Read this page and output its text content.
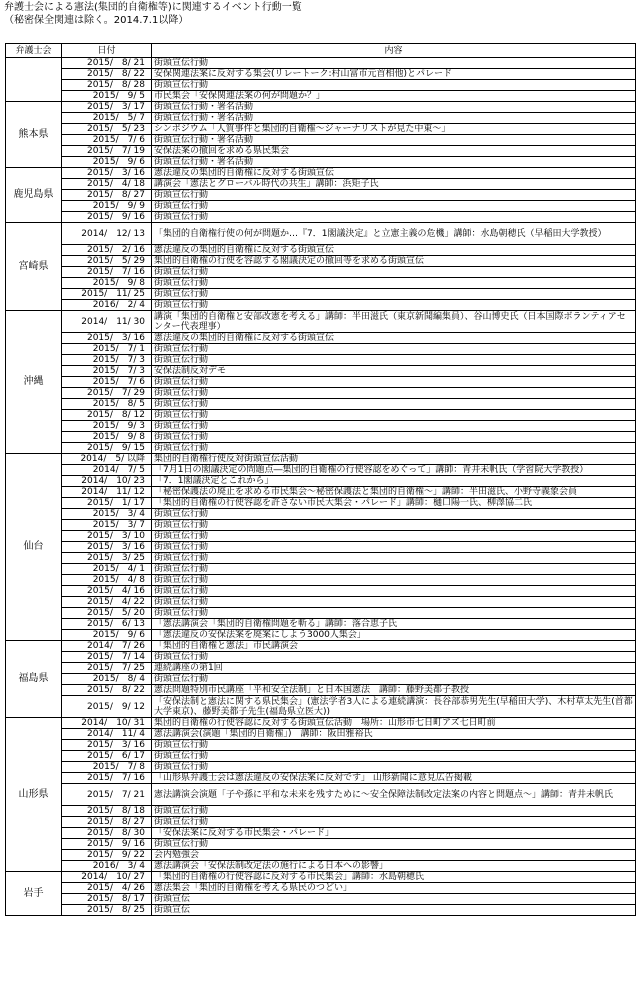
弁護士会による憲法(集団的自衛権等)に関連するイベント行動一覧
（秘密保全関連は除く。2014.7.1以降）
弁護士会	日付	内容
	2015/　8/ 21	街頭宣伝行動
	2015/　8/ 22	安保関連法案に反対する集会(リレートーク:村山富市元首相他)とパレード
	2015/　8/ 28	街頭宣伝行動
	2015/　9/ 5	市民集会「安保関連法案の何が問題か？」
熊本県	2015/　3/ 17	街頭宣伝行動・署名活動
	2015/　5/ 7	街頭宣伝行動・署名活動
	2015/　5/ 23	シンポジウム「人質事件と集団的自衛権～ジャーナリストが見た中東～」
	2015/　7/ 6	街頭宣伝行動・署名活動
	2015/　7/ 19	安保法案の撤回を求める県民集会
	2015/　9/ 6	街頭宣伝行動・署名活動
鹿児島県	2015/　3/ 16	憲法違反の集団的自衛権に反対する街頭宣伝
	2015/　4/ 18	講演会「憲法とグローバル時代の共生」講師：浜矩子氏
	2015/　8/ 27	街頭宣伝行動
	2015/　9/ 9	街頭宣伝行動
	2015/　9/ 16	街頭宣伝行動
宮崎県	2014/　12/ 13	「集団的自衛権行使の何が問題か…『7．1閣議決定』と立憲主義の危機」講師：水島朝穂氏（早稲田大学教授）
	2015/　2/ 16	憲法違反の集団的自衛権に反対する街頭宣伝
	2015/　5/ 29	集団的自衛権の行使を容認する閣議決定の撤回等を求める街頭宣伝
	2015/　7/ 16	街頭宣伝行動
	2015/　9/ 8	街頭宣伝行動
	2015/　11/ 25	街頭宣伝行動
	2016/　2/ 4	街頭宣伝行動
沖縄	2014/　11/ 30	講演「集団的自衛権と安部改憲を考える」講師：半田滋氏（東京新聞編集員）、谷山博史氏（日本国際ボランティアセンター代表理事）
	2015/　3/ 16	憲法違反の集団的自衛権に反対する街頭宣伝
	2015/　7/ 1	街頭宣伝行動
	2015/　7/ 3	街頭宣伝行動
	2015/　7/ 3	安保法制反対デモ
	2015/　7/ 6	街頭宣伝行動
	2015/　7/ 29	街頭宣伝行動
	2015/　8/ 5	街頭宣伝行動
	2015/　8/ 12	街頭宣伝行動
	2015/　9/ 3	街頭宣伝行動
	2015/　9/ 8	街頭宣伝行動
	2015/　9/ 15	街頭宣伝行動
仙台	2014/　5/ 以降	集団的自衛権行使反対街頭宣伝活動
	2014/　7/ 5	「7月1日の閣議決定の問題点―集団的自衛権の行使容認をめぐって」講師：青井未帆氏（学習院大学教授）
	2014/　10/ 23	「7．1閣議決定とこれから」
	2014/　11/ 12	「秘密保護法の廃止を求める市民集会～秘密保護法と集団的自衛権～」講師：半田滋氏、小野寺義象会員
	2015/　1/ 17	「集団的自衛権の行使容認を許さない市民大集会・パレード」講師：樋口陽一氏、柳澤協二氏
	2015/　3/ 4	街頭宣伝行動
	2015/　3/ 7	街頭宣伝行動
	2015/　3/ 10	街頭宣伝行動
	2015/　3/ 16	街頭宣伝行動
	2015/　3/ 25	街頭宣伝行動
	2015/　4/ 1	街頭宣伝行動
	2015/　4/ 8	街頭宣伝行動
	2015/　4/ 16	街頭宣伝行動
	2015/　4/ 22	街頭宣伝行動
	2015/　5/ 20	街頭宣伝行動
	2015/　6/ 13	「憲法講演会「集団的自衛権問題を斬る」講師：落合恵子氏
	2015/　9/ 6	「憲法違反の安保法案を廃案にしよう3000人集会」
福島県	2014/　7/ 26	「集団的自衛権と憲法」市民講演会
	2015/　7/ 14	街頭宣伝行動
	2015/　7/ 25	連続講座の第1回
	2015/　8/ 4	街頭宣伝行動
	2015/　8/ 22	憲法問題特別市民講座「平和安全法制」と日本国憲法　講師：藤野美都子教授
	2015/　9/ 12	「安保法制と憲法に関する県民集会」(憲法学者3人による連続講演：長谷部恭男先生(早稲田大学)、木村草太先生(首都大学東京)、藤野美都子先生(福島県立医大))
山形県	2014/　10/ 31	集団的自衛権の行使容認に反対する街頭宣伝活動　場所：山形市七日町アズ七日町前
	2014/　11/ 4	憲法講演会(演題「集団的自衛権」)　講師：阪田雅裕氏
	2015/　3/ 16	街頭宣伝行動
	2015/　6/ 17	街頭宣伝行動
	2015/　7/ 8	街頭宣伝行動
	2015/　7/ 16	「山形県弁護士会は憲法違反の安保法案に反対です」 山形新聞に意見広告掲載
	2015/　7/ 21	憲法講演会演題「子や孫に平和な未来を残すために～安全保障法制改定法案の内容と問題点～」講師：青井未帆氏
	2015/　8/ 18	街頭宣伝行動
	2015/　8/ 27	街頭宣伝行動
	2015/　8/ 30	「安保法案に反対する市民集会・パレード」
	2015/　9/ 16	街頭宣伝行動
	2015/　9/ 22	会内勉強会
	2016/　3/ 4	憲法講演会「安保法制改定法の施行による日本への影響」
岩手	2014/　10/ 27	「集団的自衛権の行使容認に反対する市民集会」講師：水島朝穂氏
	2015/　4/ 26	憲法集会「集団的自衛権を考える県民のつどい」
	2015/　8/ 17	街頭宣伝
	2015/　8/ 25	街頭宣伝
